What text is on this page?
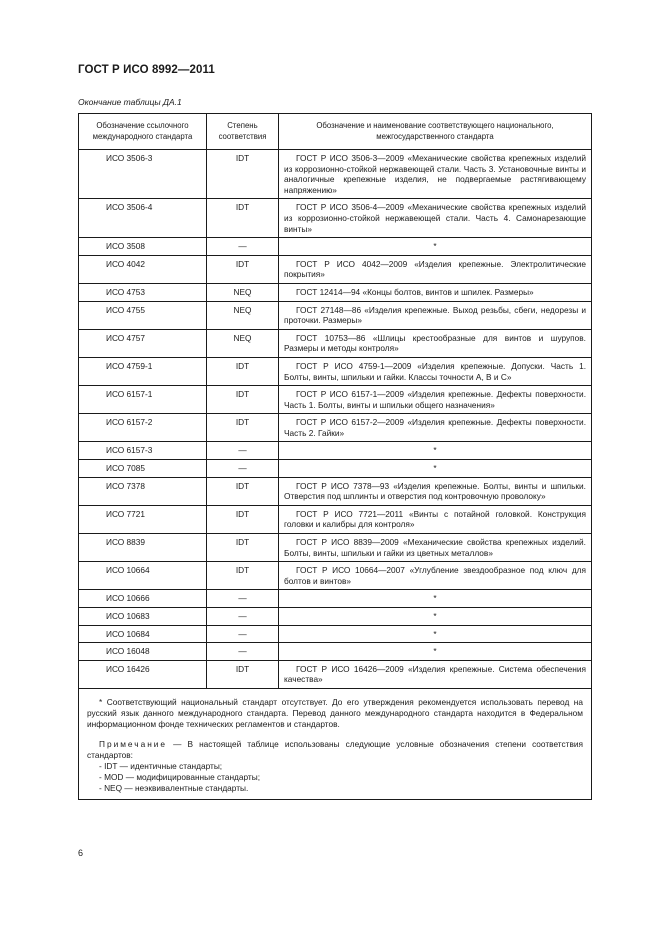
ГОСТ Р ИСО 8992—2011
Окончание таблицы ДА.1
Обозначение ссылочного международного стандарта	Степень соответствия	Обозначение и наименование соответствующего национального, межгосударственного стандарта
ИСО 3506-3	IDT	ГОСТ Р ИСО 3506-3—2009 «Механические свойства крепежных изделий из коррозионно-стойкой нержавеющей стали. Часть 3. Установочные винты и аналогичные крепежные изделия, не подвергаемые растягивающему напряжению»
ИСО 3506-4	IDT	ГОСТ Р ИСО 3506-4—2009 «Механические свойства крепежных изделий из коррозионно-стойкой нержавеющей стали. Часть 4. Самонарезающие винты»
ИСО 3508	—	*
ИСО 4042	IDT	ГОСТ Р ИСО 4042—2009 «Изделия крепежные. Электролитические покрытия»
ИСО 4753	NEQ	ГОСТ 12414—94 «Концы болтов, винтов и шпилек. Размеры»
ИСО 4755	NEQ	ГОСТ 27148—86 «Изделия крепежные. Выход резьбы, сбеги, недорезы и проточки. Размеры»
ИСО 4757	NEQ	ГОСТ 10753—86 «Шлицы крестообразные для винтов и шурупов. Размеры и методы контроля»
ИСО 4759-1	IDT	ГОСТ Р ИСО 4759-1—2009 «Изделия крепежные. Допуски. Часть 1. Болты, винты, шпильки и гайки. Классы точности А, В и С»
ИСО 6157-1	IDT	ГОСТ Р ИСО 6157-1—2009 «Изделия крепежные. Дефекты поверхности. Часть 1. Болты, винты и шпильки общего назначения»
ИСО 6157-2	IDT	ГОСТ Р ИСО 6157-2—2009 «Изделия крепежные. Дефекты поверхности. Часть 2. Гайки»
ИСО 6157-3	—	*
ИСО 7085	—	*
ИСО 7378	IDT	ГОСТ Р ИСО 7378—93 «Изделия крепежные. Болты, винты и шпильки. Отверстия под шплинты и отверстия под контровочную проволоку»
ИСО 7721	IDT	ГОСТ Р ИСО 7721—2011 «Винты с потайной головкой. Конструкция головки и калибры для контроля»
ИСО 8839	IDT	ГОСТ Р ИСО 8839—2009 «Механические свойства крепежных изделий. Болты, винты, шпильки и гайки из цветных металлов»
ИСО 10664	IDT	ГОСТ Р ИСО 10664—2007 «Углубление звездообразное под ключ для болтов и винтов»
ИСО 10666	—	*
ИСО 10683	—	*
ИСО 10684	—	*
ИСО 16048	—	*
ИСО 16426	IDT	ГОСТ Р ИСО 16426—2009 «Изделия крепежные. Система обеспечения качества»

* Соответствующий национальный стандарт отсутствует. До его утверждения рекомендуется использовать перевод на русский язык данного международного стандарта. Перевод данного международного стандарта находится в Федеральном информационном фонде технических регламентов и стандартов.

Примечание — В настоящей таблице использованы следующие условные обозначения степени соответствия стандартов:

- IDT — идентичные стандарты;

- MOD — модифицированные стандарты;

- NEQ — неэквивалентные стандарты.		

6
